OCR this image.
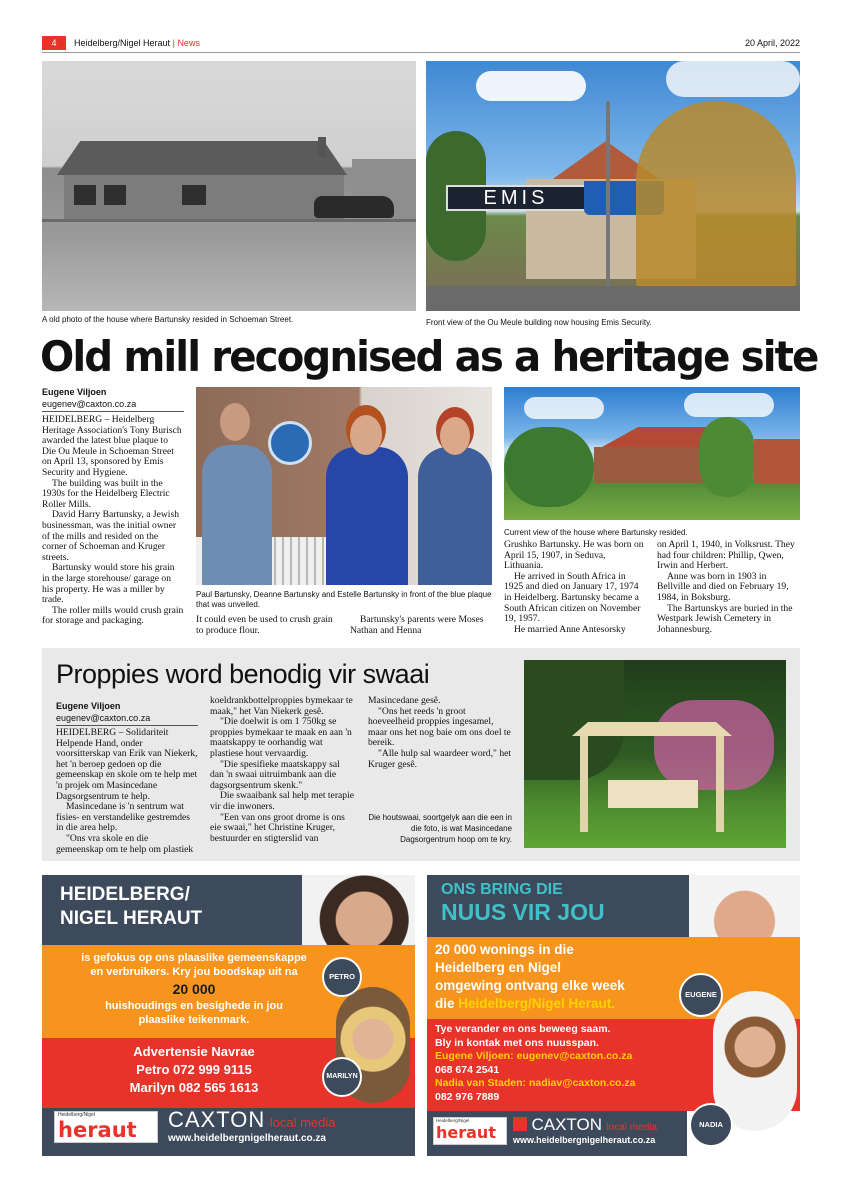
4	Heidelberg/Nigel Heraut | News	20 April, 2022
A old photo of the house where Bartunsky resided in Schoeman Street.
EMIS
Front view of the Ou Meule building now housing Emis Security.
Old mill recognised as a heritage site
Eugene Viljoen
eugenev@caxton.co.za

HEIDELBERG – Heidelberg Heritage Association's Tony Burisch awarded the latest blue plaque to Die Ou Meule in Schoeman Street on April 13, sponsored by Emis Security and Hygiene.

The building was built in the 1930s for the Heidelberg Electric Roller Mills.

David Harry Bartunsky, a Jewish businessman, was the initial owner of the mills and resided on the corner of Schoeman and Kruger streets.

Bartunsky would store his grain in the large storehouse/ garage on his property. He was a miller by trade.

The roller mills would crush grain for storage and packaging.

Paul Bartunsky, Deanne Bartunsky and Estelle Bartunsky in front of the blue plaque that was unveiled.

It could even be used to crush grain to produce flour.

Bartunsky's parents were Moses Nathan and Henna

Current view of the house where Bartunsky resided.

Grushko Bartunsky. He was born on April 15, 1907, in Seduva, Lithuania.

He arrived in South Africa in 1925 and died on January 17, 1974 in Heidelberg. Bartunsky became a South African citizen on November 19, 1957.

He married Anne Antesorsky

on April 1, 1940, in Volksrust. They had four children: Phillip, Qwen, Irwin and Herbert.

Anne was born in 1903 in Bellville and died on February 19, 1984, in Boksburg.

The Bartunskys are buried in the Westpark Jewish Cemetery in Johannesburg.

Proppies word benodig vir swaai
Eugene Viljoen
eugenev@caxton.co.za

HEIDELBERG – Solidariteit Helpende Hand, onder voorsitterskap van Erik van Niekerk, het 'n beroep gedoen op die gemeenskap en skole om te help met 'n projek om Masincedane Dagsorgsentrum te help.

Masincedane is 'n sentrum wat fisies- en verstandelike gestremdes in die area help.

"Ons vra skole en die gemeenskap om te help om plastiek

koeldrankbottelproppies bymekaar te maak," het Van Niekerk gesê.

"Die doelwit is om 1 750kg se proppies bymekaar te maak en aan 'n maatskappy te oorhandig wat plastiese hout vervaardig.

"Die spesifieke maatskappy sal dan 'n swaai uitruimbank aan die dagsorgsentrum skenk."

Die swaaibank sal help met terapie vir die inwoners.

"Een van ons groot drome is ons eie swaai," het Christine Kruger, bestuurder en stigterslid van

Masincedane gesê.

"Ons het reeds 'n groot hoeveelheid proppies ingesamel, maar ons het nog baie om ons doel te bereik.

"Alle hulp sal waardeer word," het Kruger gesê.

Die houtswaai, soortgelyk aan die een in die foto, is wat Masincedane Dagsorgentrum hoop om te kry.
HEIDELBERG/
NIGEL HERAUT
is gefokus op ons plaaslike gemeenskappe
en verbruikers. Kry jou boodskap uit na
20 000
huishoudings en besighede in jou
plaaslike teikenmark.
Advertensie Navrae
Petro 072 999 9115
Marilyn 082 565 1613
PETRO
MARILYN
Heidelberg/Nigel
heraut	CAXTON local media
www.heidelbergnigelheraut.co.za
ONS BRING DIE
NUUS VIR JOU
20 000 wonings in die
Heidelberg en Nigel
omgewing ontvang elke week
die Heidelberg/Nigel Heraut.
Tye verander en ons beweeg saam.
Bly in kontak met ons nuusspan.
Eugene Viljoen: eugenev@caxton.co.za
068 674 2541
Nadia van Staden: nadiav@caxton.co.za
082 976 7889
EUGENE
NADIA
Heidelberg/Nigel
heraut	CAXTON local media
www.heidelbergnigelheraut.co.za
